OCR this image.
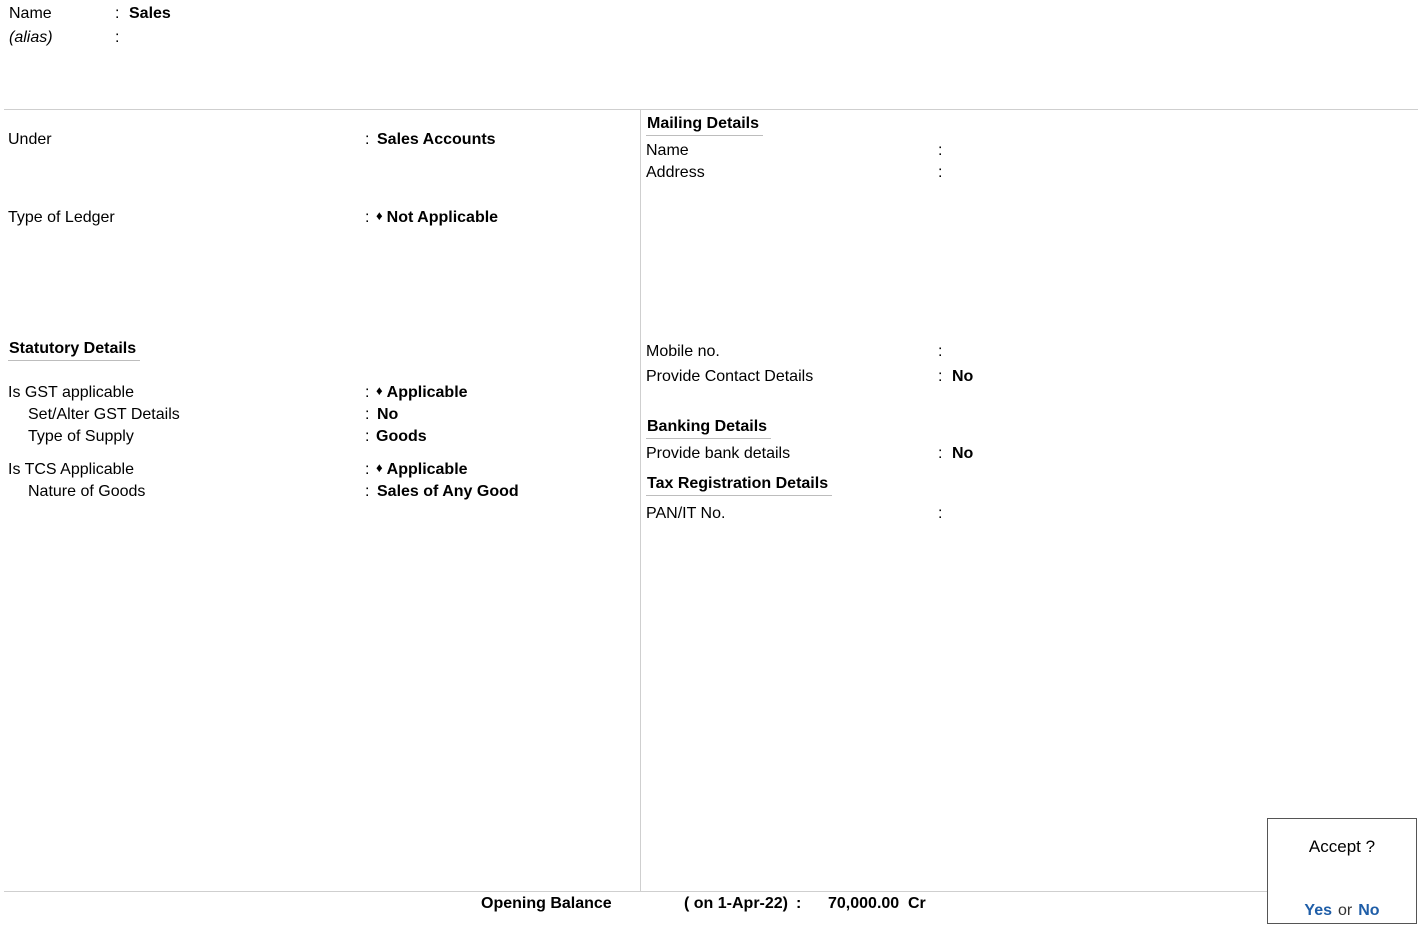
Name	: Sales
(alias)	:
Under	: Sales Accounts
Type of Ledger	: ♦ Not Applicable
Statutory Details
Is GST applicable	: ♦ Applicable
Set/Alter GST Details	: No
Type of Supply	: Goods
Is TCS Applicable	: ♦ Applicable
Nature of Goods	: Sales of Any Good
Mailing Details
Name	:
Address	:
Mobile no.	:
Provide Contact Details	: No
Banking Details
Provide bank details	: No
Tax Registration Details
PAN/IT No.	:
Opening Balance	( on 1-Apr-22) : 70,000.00 Cr
Accept ?
Yes or No
